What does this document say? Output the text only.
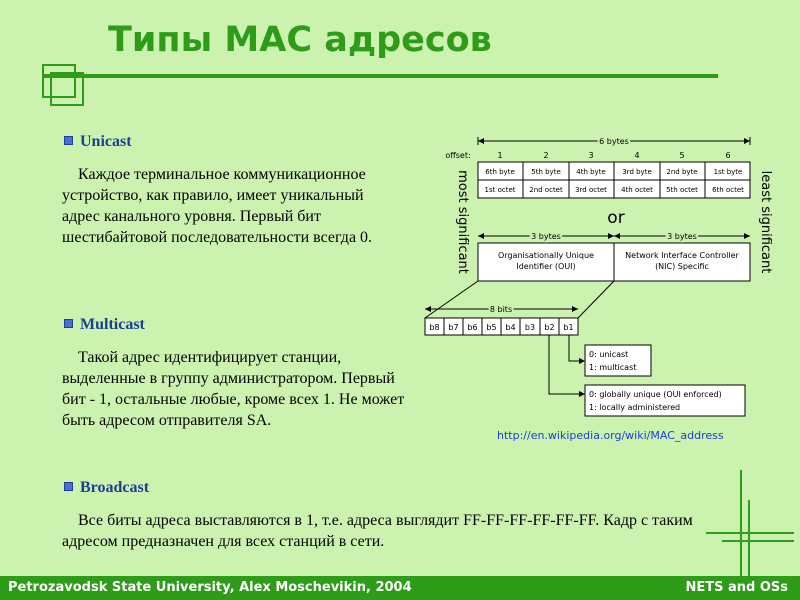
Типы MAC адресов
Unicast

Каждое терминальное коммуникационное устройство, как правило, имеет уникальный адрес канального уровня. Первый бит шестибайтовой последовательности всегда 0.

Multicast

Такой адрес идентифицирует станции, выделенные в группу администратором. Первый бит - 1, остальные любые, кроме всех 1. Не может быть адресом отправителя SA.

Broadcast

Все биты адреса выставляются в 1, т.е. адреса выглядит FF-FF-FF-FF-FF-FF. Кадр с таким адресом предназначен для всех станций в сети.

6 bytes
offset:	1	2	3	4	5	6
6th byte 5th byte 4th byte 3rd byte 2nd byte 1st byte
1st octet 2nd octet 3rd octet 4th octet 5th octet 6th octet
or
3 bytes	3 bytes
Organisationally Unique
Identifier (OUI)
Network Interface Controller
(NIC) Specific
8 bits
b8 b7 b6 b5 b4 b3 b2 b1
0: unicast
1: multicast
0: globally unique (OUI enforced)
1: locally administered
most significant	least significant
http://en.wikipedia.org/wiki/MAC_address
Petrozavodsk State University, Alex Moschevikin, 2004	NETS and OSs
